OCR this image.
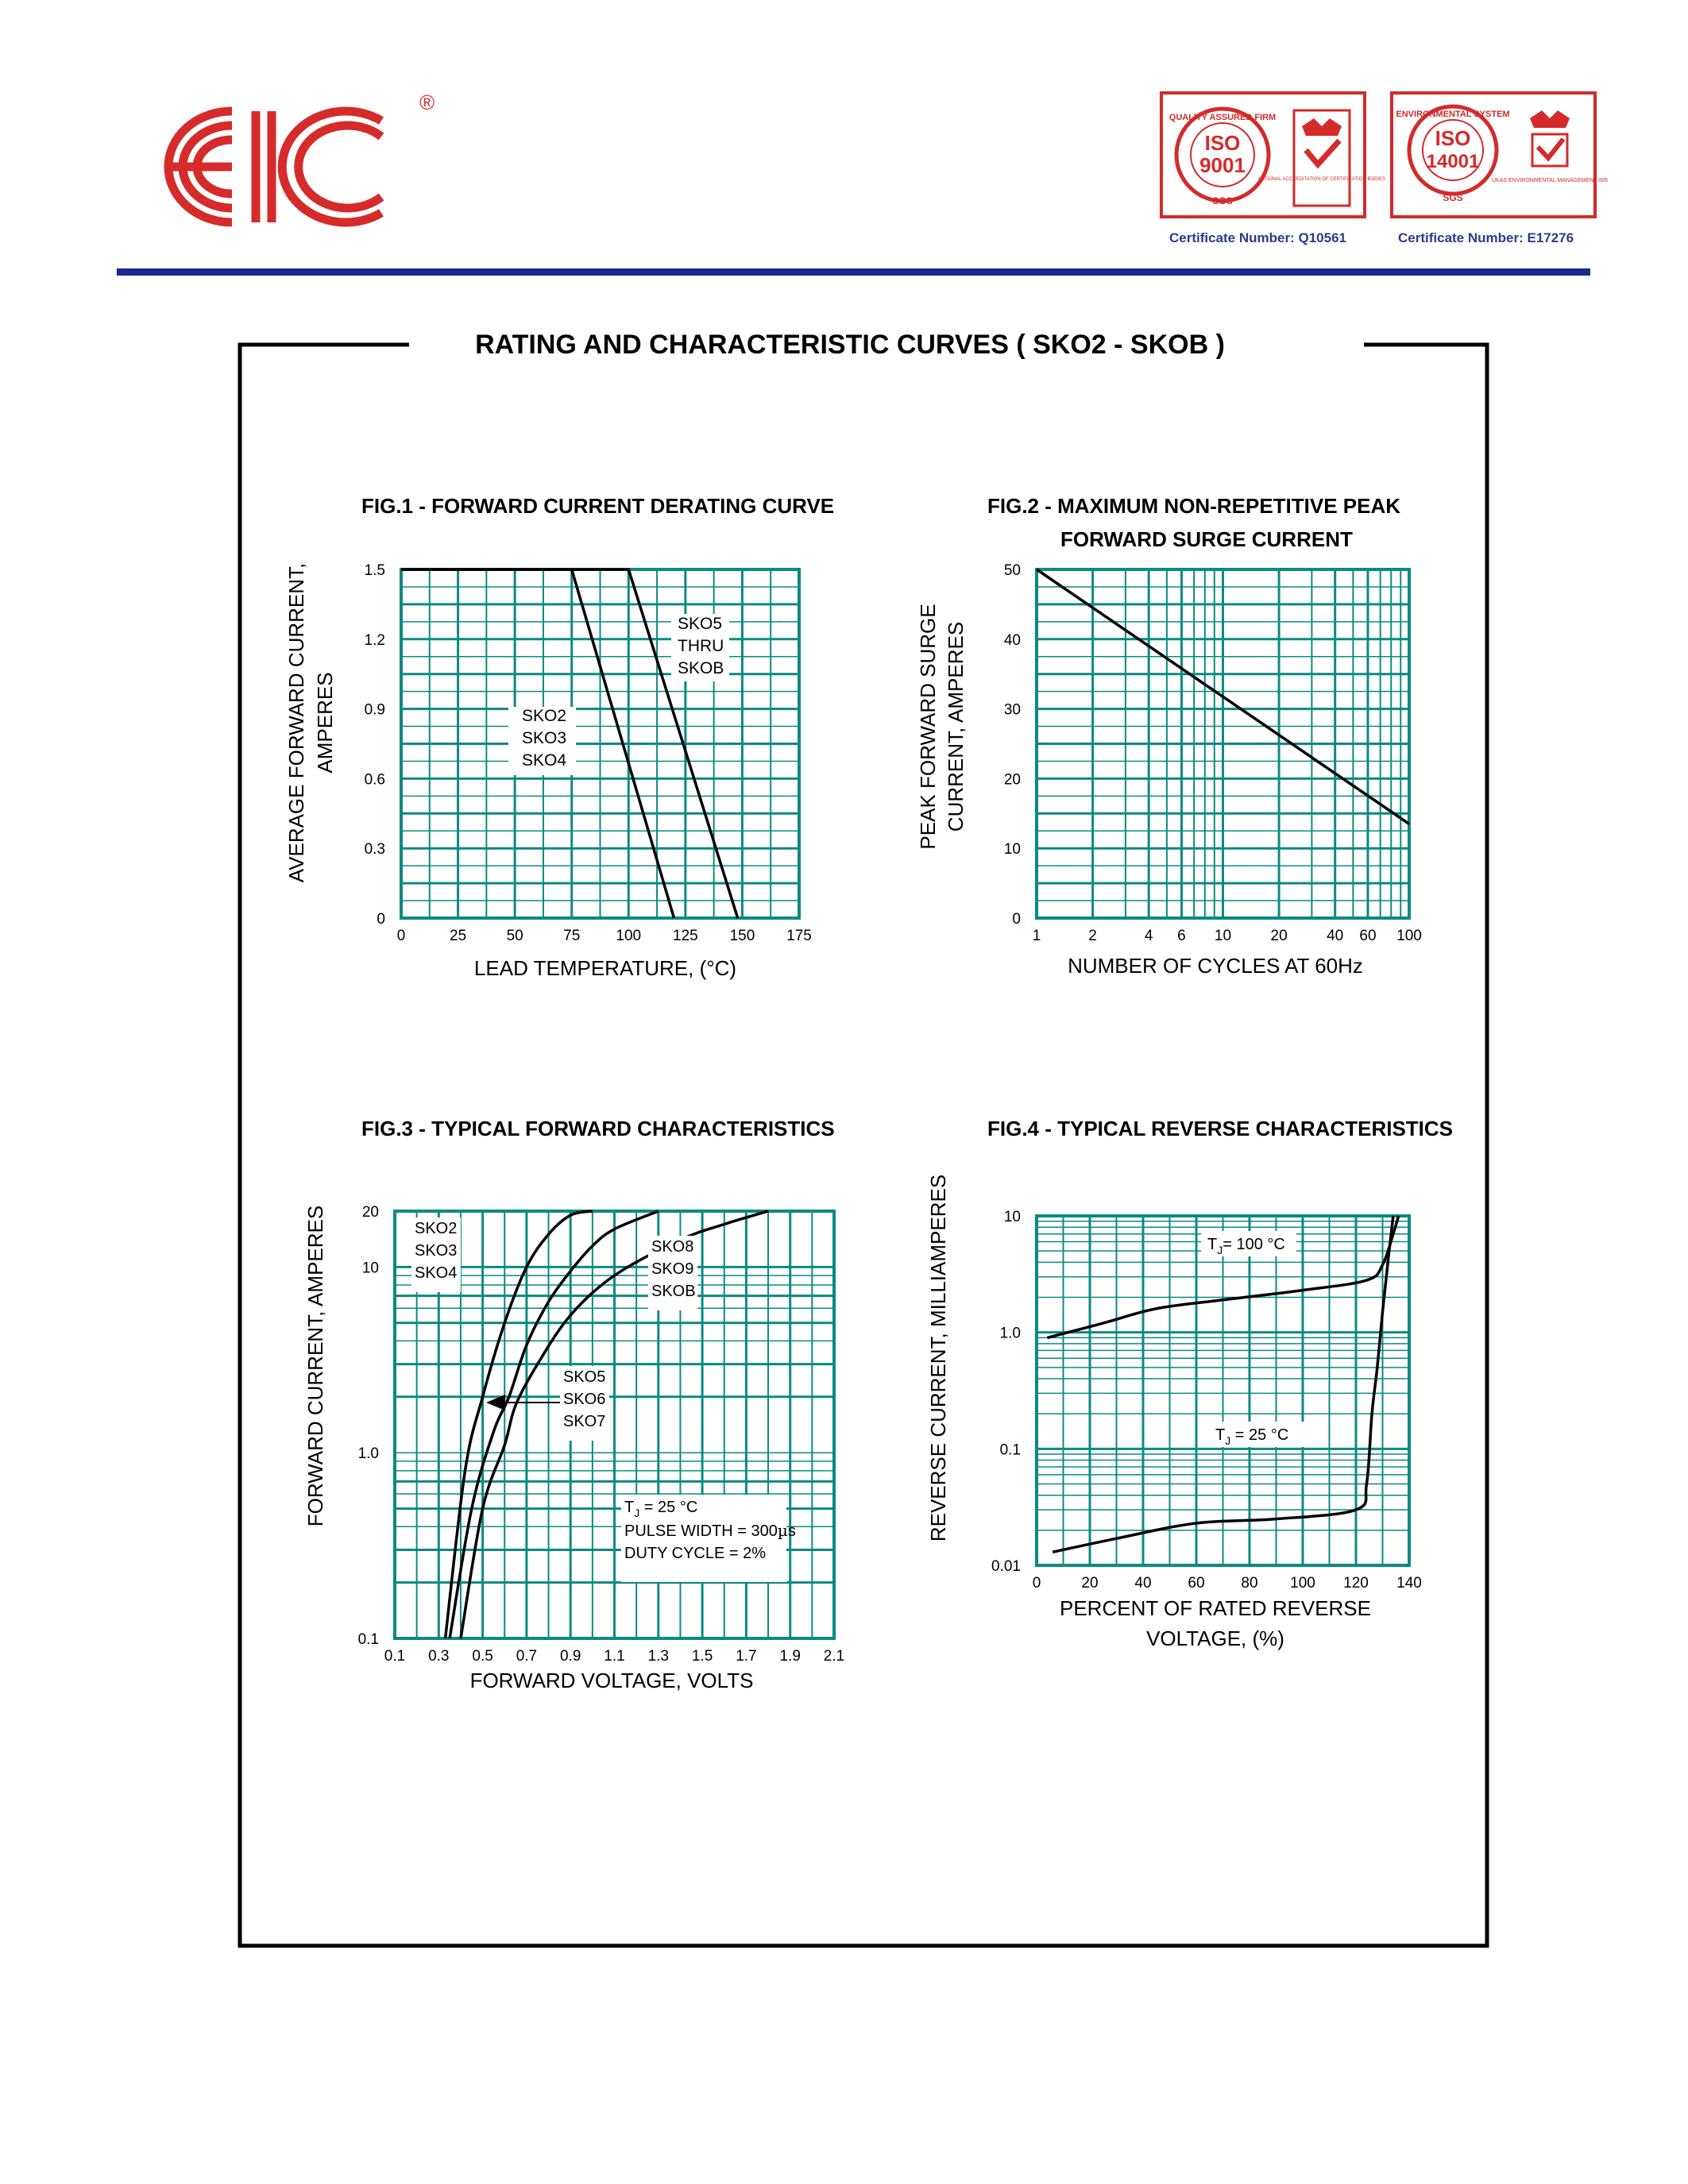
®
QUALITY ASSURED FIRM
ISO
9001
SGS
NATIONAL ACCREDITATION OF CERTIFICATION BODIES
Certificate Number: Q10561
ENVIRONMENTAL SYSTEM
ISO
14001
SGS
UKAS ENVIRONMENTAL MANAGEMENT 005
Certificate Number: E17276
RATING AND CHARACTERISTIC CURVES ( SKO2 - SKOB )
FIG.1 - FORWARD CURRENT DERATING CURVE
0	25	50	75 100 125 150 175
0
0.3
0.6
0.9
1.2
1.5
SKO5
THRU
SKOB
SKO2
SKO3
SKO4
LEAD TEMPERATURE, (°C)
AVERAGE FORWARD CURRENT, AMPERES
FIG.2 - MAXIMUM NON-REPETITIVE PEAK
FORWARD SURGE CURRENT
1	2	4 6 10	20	40 60 100
0
10
20
30
40
50
NUMBER OF CYCLES AT 60Hz
PEAK FORWARD SURGE CURRENT, AMPERES
FIG.3 - TYPICAL FORWARD CHARACTERISTICS
0.1 0.3 0.5 0.7 0.9 1.1 1.3 1.5 1.7 1.9 2.1
0.1
1.0
10
20
SKO2
SKO3
SKO4
SKO8
SKO9
SKOB
SKO5
SKO6
SKO7
$T_J = 25$ °C
PULSE WIDTH = 300µs
DUTY CYCLE = 2%
FORWARD VOLTAGE, VOLTS
FORWARD CURRENT, AMPERES
FIG.4 - TYPICAL REVERSE CHARACTERISTICS
0	20 40 60 80 100 120 140
0.01
0.1
1.0
10
$T_J= 100$ °C
$T_J = 25$ °C
PERCENT OF RATED REVERSE
VOLTAGE, (%)
REVERSE CURRENT, MILLIAMPERES
